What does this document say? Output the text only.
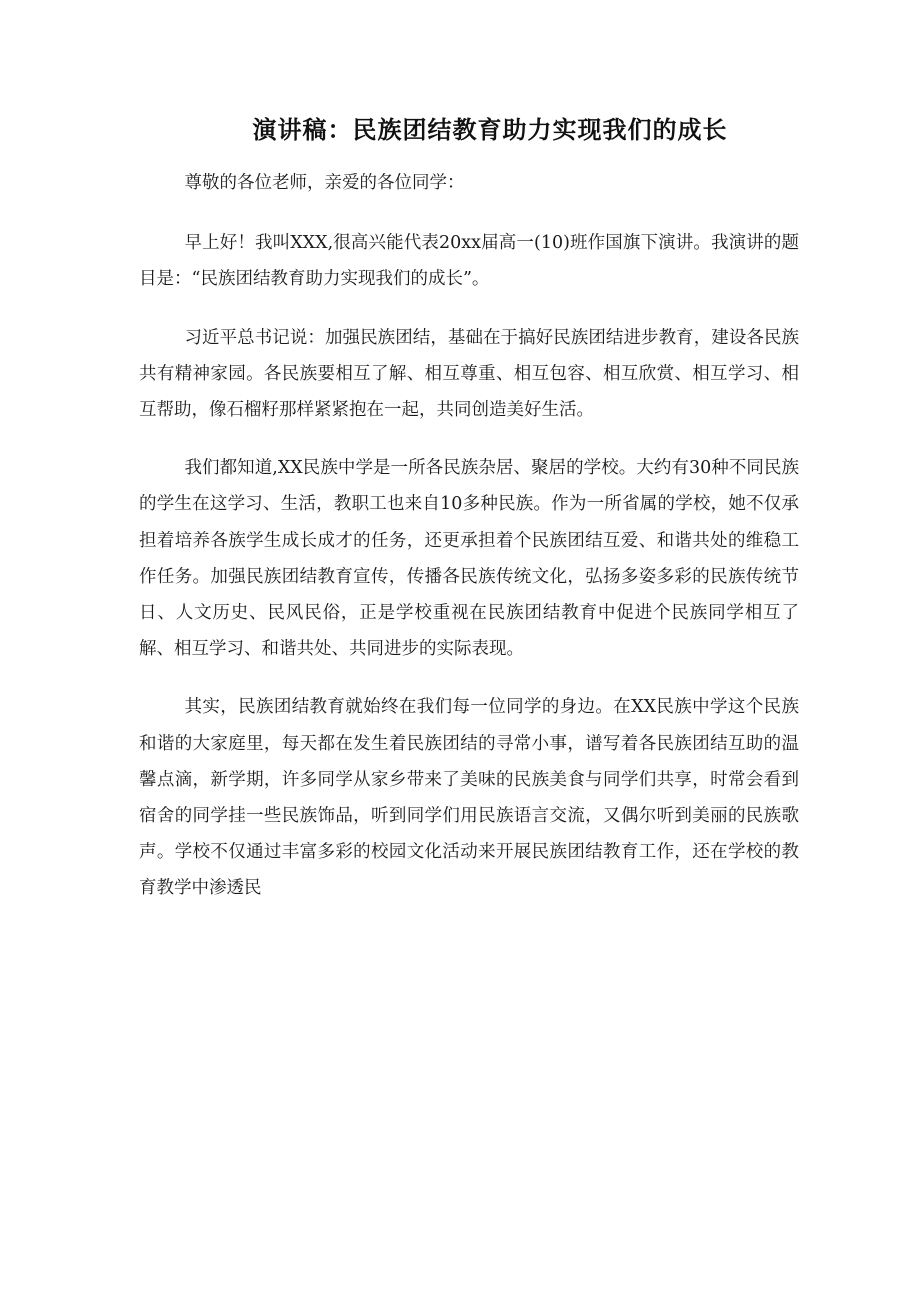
演讲稿：民族团结教育助力实现我们的成长

尊敬的各位老师，亲爱的各位同学：

早上好！我叫XXX,很高兴能代表20xx届高一(10)班作国旗下演讲。我演讲的题目是：“民族团结教育助力实现我们的成长”。

习近平总书记说：加强民族团结，基础在于搞好民族团结进步教育，建设各民族共有精神家园。各民族要相互了解、相互尊重、相互包容、相互欣赏、相互学习、相互帮助，像石榴籽那样紧紧抱在一起，共同创造美好生活。

我们都知道,XX民族中学是一所各民族杂居、聚居的学校。大约有30种不同民族的学生在这学习、生活，教职工也来自10多种民族。作为一所省属的学校，她不仅承担着培养各族学生成长成才的任务，还更承担着个民族团结互爱、和谐共处的维稳工作任务。加强民族团结教育宣传，传播各民族传统文化，弘扬多姿多彩的民族传统节日、人文历史、民风民俗，正是学校重视在民族团结教育中促进个民族同学相互了解、相互学习、和谐共处、共同进步的实际表现。

其实，民族团结教育就始终在我们每一位同学的身边。在XX民族中学这个民族和谐的大家庭里，每天都在发生着民族团结的寻常小事，谱写着各民族团结互助的温馨点滴，新学期，许多同学从家乡带来了美味的民族美食与同学们共享，时常会看到宿舍的同学挂一些民族饰品，听到同学们用民族语言交流，又偶尔听到美丽的民族歌声。学校不仅通过丰富多彩的校园文化活动来开展民族团结教育工作，还在学校的教育教学中渗透民
